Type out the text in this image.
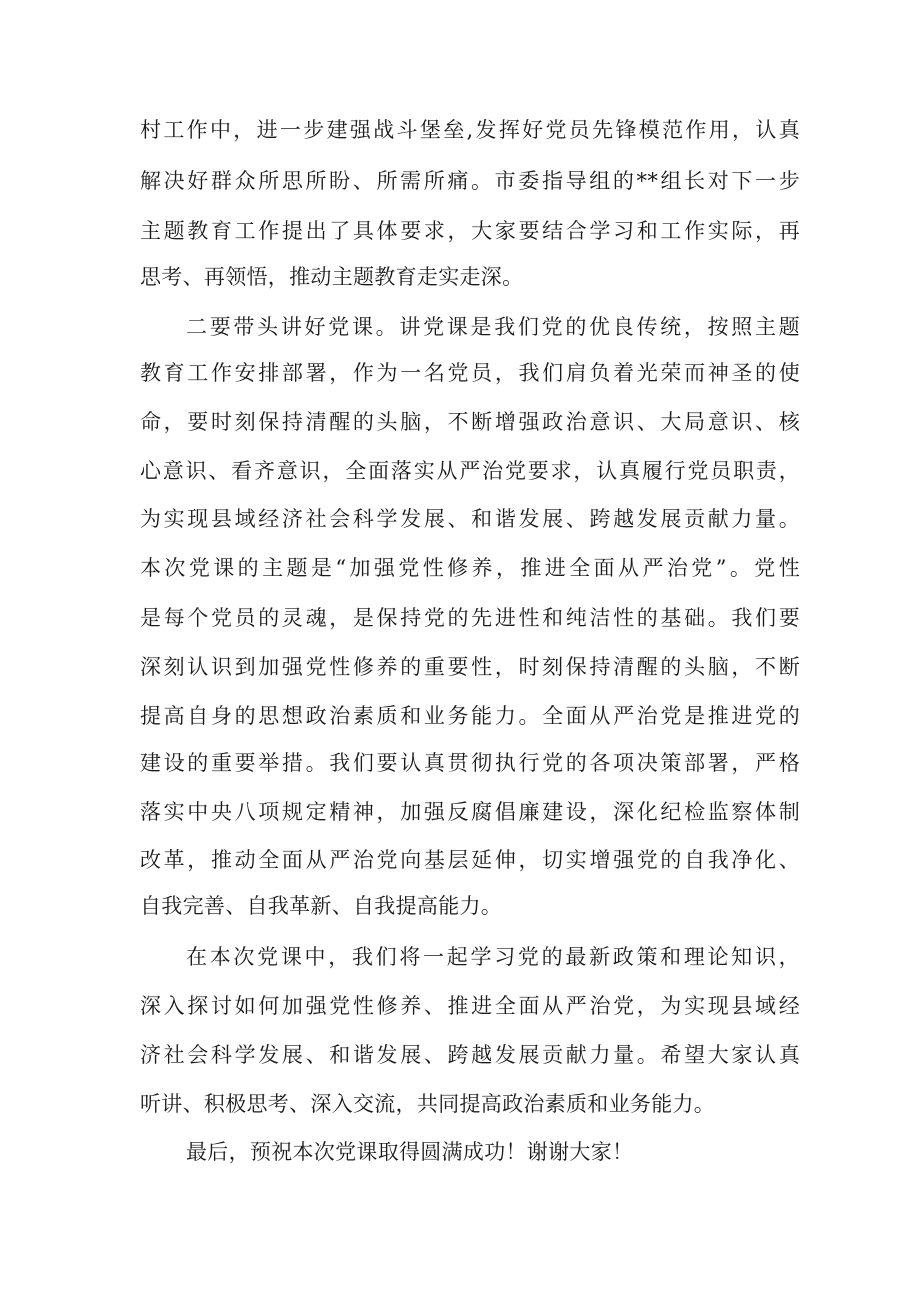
村工作中，进一步建强战斗堡垒,发挥好党员先锋模范作用，认真
解决好群众所思所盼、所需所痛。市委指导组的**组长对下一步
主题教育工作提出了具体要求，大家要结合学习和工作实际，再
思考、再领悟，推动主题教育走实走深。
二要带头讲好党课。讲党课是我们党的优良传统，按照主题
教育工作安排部署，作为一名党员，我们肩负着光荣而神圣的使
命，要时刻保持清醒的头脑，不断增强政治意识、大局意识、核
心意识、看齐意识，全面落实从严治党要求，认真履行党员职责，
为实现县域经济社会科学发展、和谐发展、跨越发展贡献力量。
本次党课的主题是“加强党性修养，推进全面从严治党”。党性
是每个党员的灵魂，是保持党的先进性和纯洁性的基础。我们要
深刻认识到加强党性修养的重要性，时刻保持清醒的头脑，不断
提高自身的思想政治素质和业务能力。全面从严治党是推进党的
建设的重要举措。我们要认真贯彻执行党的各项决策部署，严格
落实中央八项规定精神，加强反腐倡廉建设，深化纪检监察体制
改革，推动全面从严治党向基层延伸，切实增强党的自我净化、
自我完善、自我革新、自我提高能力。
在本次党课中，我们将一起学习党的最新政策和理论知识，
深入探讨如何加强党性修养、推进全面从严治党，为实现县域经
济社会科学发展、和谐发展、跨越发展贡献力量。希望大家认真
听讲、积极思考、深入交流，共同提高政治素质和业务能力。
最后，预祝本次党课取得圆满成功！谢谢大家！
